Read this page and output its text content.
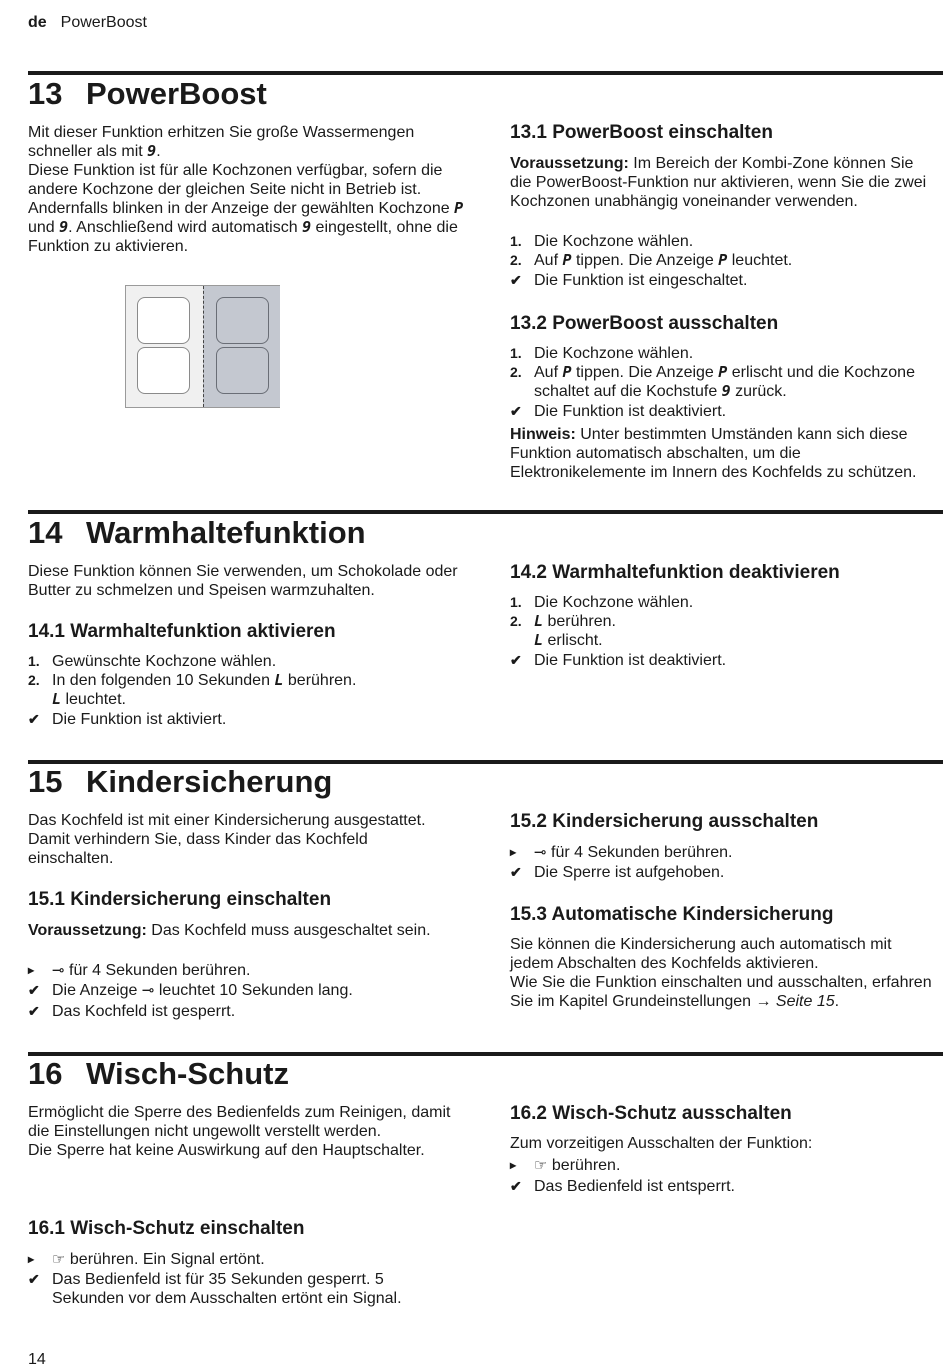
de PowerBoost
13 PowerBoost
Mit dieser Funktion erhitzen Sie große Wassermengen schneller als mit 9.
Diese Funktion ist für alle Kochzonen verfügbar, sofern die andere Kochzone der gleichen Seite nicht in Betrieb ist.
Andernfalls blinken in der Anzeige der gewählten Kochzone P und 9. Anschließend wird automatisch 9 eingestellt, ohne die Funktion zu aktivieren.
13.1 PowerBoost einschalten
Voraussetzung: Im Bereich der Kombi-Zone können Sie die PowerBoost-Funktion nur aktivieren, wenn Sie die zwei Kochzonen unabhängig voneinander verwenden.
1. Die Kochzone wählen.
2. Auf P tippen. Die Anzeige P leuchtet.
✔ Die Funktion ist eingeschaltet.
13.2 PowerBoost ausschalten
1. Die Kochzone wählen.
2. Auf P tippen. Die Anzeige P erlischt und die Kochzone schaltet auf die Kochstufe 9 zurück.
✔ Die Funktion ist deaktiviert.
Hinweis: Unter bestimmten Umständen kann sich diese Funktion automatisch abschalten, um die Elektronikelemente im Innern des Kochfelds zu schützen.
14 Warmhaltefunktion
Diese Funktion können Sie verwenden, um Schokolade oder Butter zu schmelzen und Speisen warmzuhalten.
14.1 Warmhaltefunktion aktivieren
1. Gewünschte Kochzone wählen.
2. In den folgenden 10 Sekunden L berühren.
L leuchtet.
✔ Die Funktion ist aktiviert.
14.2 Warmhaltefunktion deaktivieren
1. Die Kochzone wählen.
2. L berühren.
L erlischt.
✔ Die Funktion ist deaktiviert.
15 Kindersicherung
Das Kochfeld ist mit einer Kindersicherung ausgestattet. Damit verhindern Sie, dass Kinder das Kochfeld einschalten.
15.1 Kindersicherung einschalten
Voraussetzung: Das Kochfeld muss ausgeschaltet sein.
▸	⊸ für 4 Sekunden berühren.
✔ Die Anzeige ⊸ leuchtet 10 Sekunden lang.
✔ Das Kochfeld ist gesperrt.
15.2 Kindersicherung ausschalten
▸	⊸ für 4 Sekunden berühren.
✔ Die Sperre ist aufgehoben.
15.3 Automatische Kindersicherung
Sie können die Kindersicherung auch automatisch mit jedem Abschalten des Kochfelds aktivieren.
Wie Sie die Funktion einschalten und ausschalten, erfahren Sie im Kapitel Grundeinstellungen → Seite 15.
16 Wisch-Schutz
Ermöglicht die Sperre des Bedienfelds zum Reinigen, damit die Einstellungen nicht ungewollt verstellt werden.
Die Sperre hat keine Auswirkung auf den Hauptschalter.
16.1 Wisch-Schutz einschalten
▸	☞ berühren. Ein Signal ertönt.
✔ Das Bedienfeld ist für 35 Sekunden gesperrt. 5 Sekunden vor dem Ausschalten ertönt ein Signal.
16.2 Wisch-Schutz ausschalten
Zum vorzeitigen Ausschalten der Funktion:
▸	☞ berühren.
✔ Das Bedienfeld ist entsperrt.
14
